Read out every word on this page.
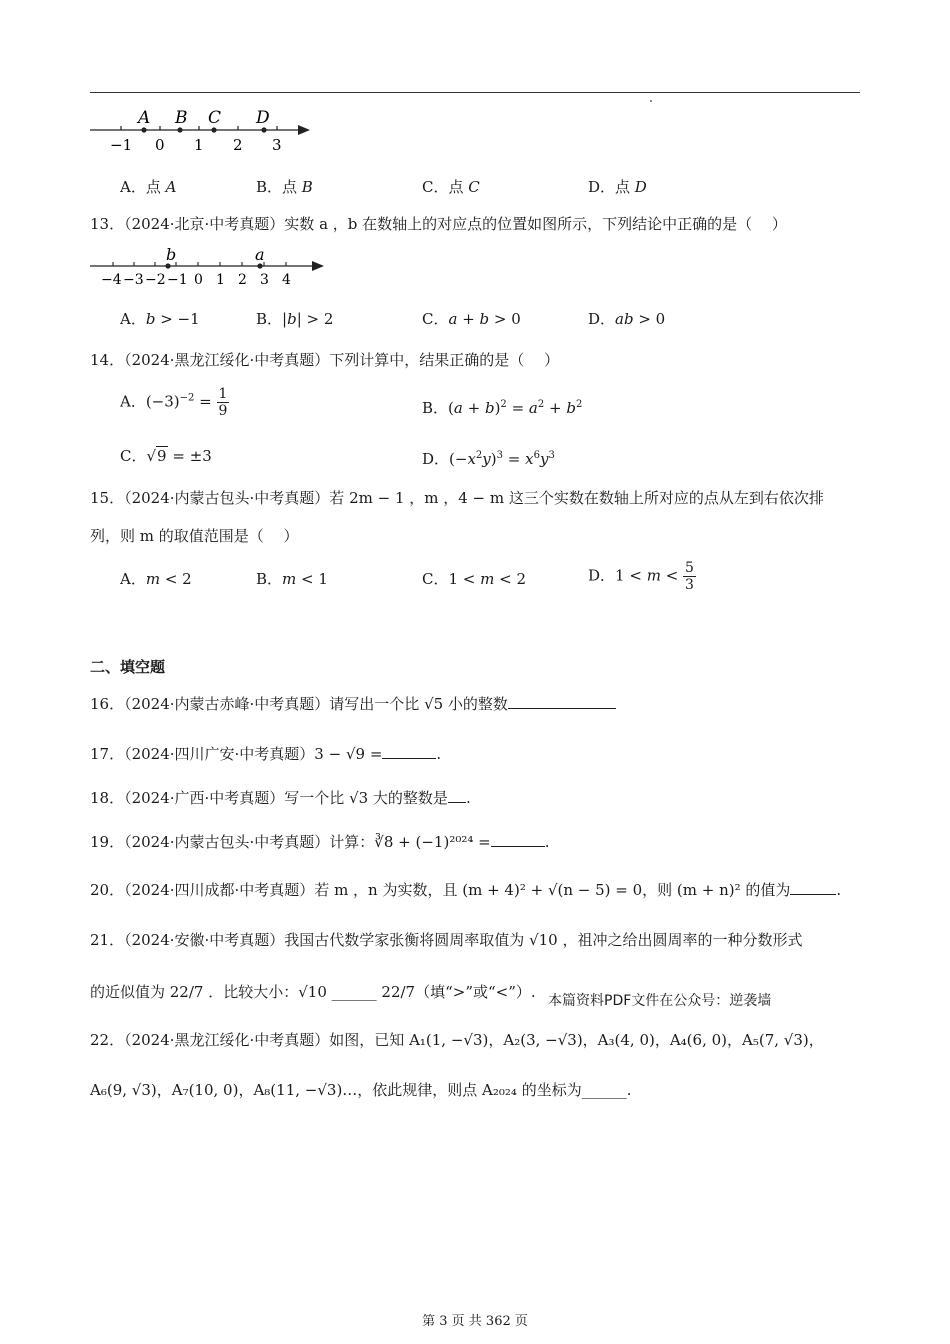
A B C D
−1 0 1 2 3
A．点 A	B．点 B	C．点 C	D．点 D
13．（2024·北京·中考真题）实数 a ，b 在数轴上的对应点的位置如图所示，下列结论中正确的是（　 ）
b	a
−4 −3 −2 −1 0 1 2 3 4
A．b > −1	B．|b| > 2	C．a + b > 0	D．ab > 0
14．（2024·黑龙江绥化·中考真题）下列计算中，结果正确的是（　 ）
A．$(-3)^{-2} = \frac{1}{9}$	B．$(a + b)^2 = a^2 + b^2$
C．√9 = ±3	D．$(-x^2y)^3 = x^6y^3$
15．（2024·内蒙古包头·中考真题）若 2m − 1 ，m ，4 − m 这三个实数在数轴上所对应的点从左到右依次排
列，则 m 的取值范围是（　 ）
A．m < 2	B．m < 1	C．1 < m < 2	D．$1 < m < \frac{5}{3}$
二、填空题
16．（2024·内蒙古赤峰·中考真题）请写出一个比 √5 小的整数
17．（2024·四川广安·中考真题）3 − √9 =	.
18．（2024·广西·中考真题）写一个比 √3 大的整数是 .
19．（2024·内蒙古包头·中考真题）计算：∛8 + (−1)²⁰²⁴ =	.
20．（2024·四川成都·中考真题）若 m ，n 为实数，且 (m + 4)² + √(n − 5) = 0，则 (m + n)² 的值为	.
21．（2024·安徽·中考真题）我国古代数学家张衡将圆周率取值为 √10 ，祖冲之给出圆周率的一种分数形式
的近似值为 22/7 ．比较大小：√10 ______ 22/7（填“>”或“<”）. 本篇资料PDF文件在公众号：逆袭墙
22．（2024·黑龙江绥化·中考真题）如图，已知 A₁(1, −√3)，A₂(3, −√3)，A₃(4, 0)，A₄(6, 0)，A₅(7, √3)，
A₆(9, √3)，A₇(10, 0)，A₈(11, −√3)…，依此规律，则点 A₂₀₂₄ 的坐标为______.
第 3 页 共 362 页
